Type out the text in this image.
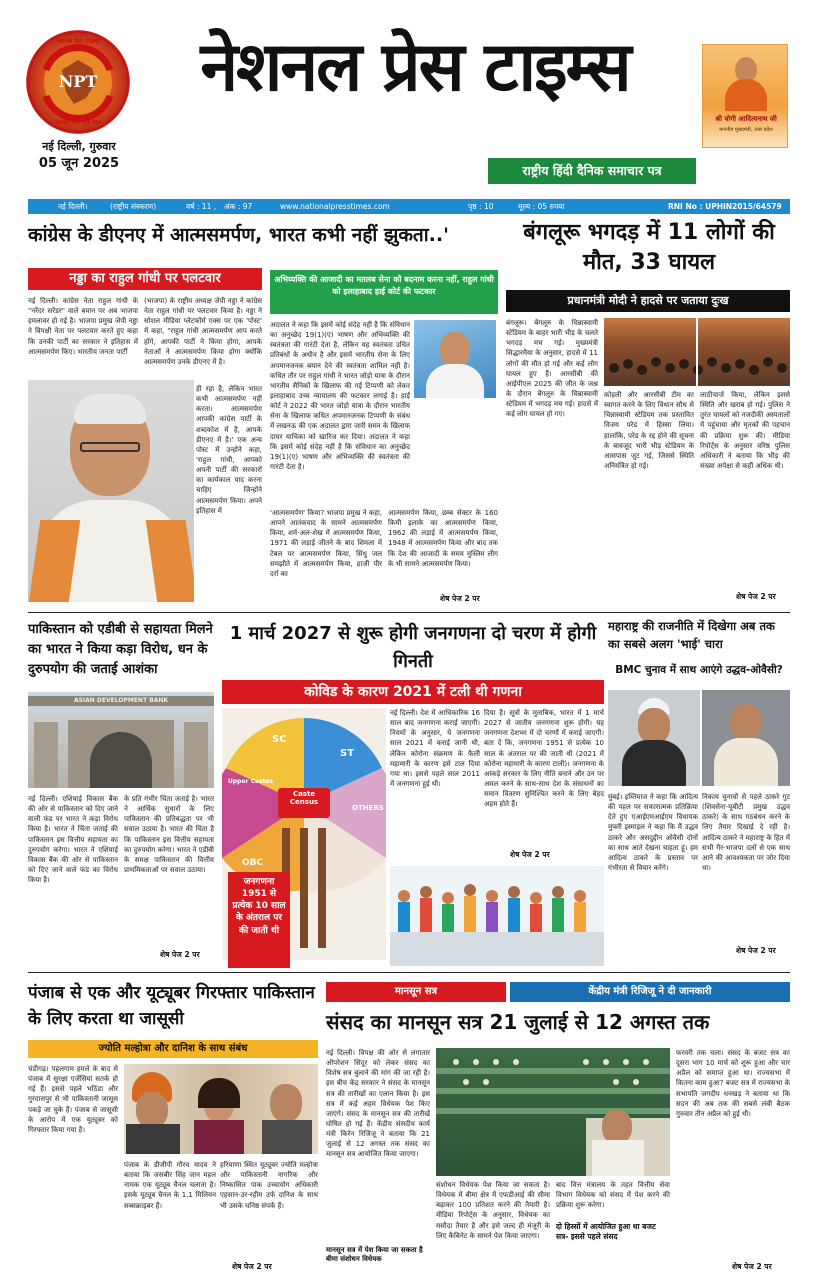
NPT
नेशनल प्रेस टाइम्स
नेशनल हिंदी न्यूज़ पेपर
नई दिल्ली, गुरुवार
05 जून 2025
नेशनल प्रेस टाइम्स
राष्ट्रीय हिंदी दैनिक समाचार पत्र
श्री योगी आदित्यनाथ जी
माननीय मुख्यमंत्री, उत्तर प्रदेश
नई दिल्ली।	(राष्ट्रीय संस्करण)	वर्ष : 11 , अंक : 97	www.nationalpresstimes.com	पृष्ठ : 10	मूल्य : 05 रुपया	RNI No : UPHIN2015/64579
कांग्रेस के डीएनए में आत्मसमर्पण, भारत कभी नहीं झुकता..'
नड्डा का राहुल गांधी पर पलटवार
नई दिल्ली। कांग्रेस नेता राहुल गांधी के "नरेंदर सरेंडर" वाले बयान पर अब भाजपा हमलावर हो गई है। भाजपा प्रमुख जेपी नड्डा ने विपक्षी नेता पर पलटवार करते हुए कहा कि उनकी पार्टी का सरकार ने इतिहास में आत्मसमर्पण किए। भारतीय जनता पार्टी
(भाजपा) के राष्ट्रीय अध्यक्ष जेपी नड्डा ने कांग्रेस नेता राहुल गांधी पर पलटवार किया है। नड्डा ने सोशल मीडिया प्लेटफॉर्म एक्स पर एक 'पोस्ट' में कहा, "राहुल गांधी आत्मसमर्पण आप करते होंगे, आपकी पार्टी ने किया होगा, आपके नेताओं ने आत्मसमर्पण किया होगा क्योंकि आत्मसमर्पण उनके डीएनए में है।
ही रहा है, लेकिन भारत कभी आत्मसमर्पण नहीं करता। आत्मसमर्पण आपकी कांग्रेस पार्टी के शब्दकोश में है, आपके डीएनए में है।' एक अन्य पोस्ट में उन्होंने कहा, 'राहुल गांधी, आपको अपनी पार्टी की सरकारों का कार्यकाल याद करना चाहिए जिन्होंने आत्मसमर्पण किया। अपने इतिहास में
अभिव्यक्ति की आजादी का मतलब सेना को बदनाम करना नहीं, राहुल गांधी को इलाहाबाद हाई कोर्ट की फटकार
अदालत ने कहा कि इसमें कोई संदेह नहीं है कि संविधान का अनुच्छेद 19(1)(ए) भाषण और अभिव्यक्ति की स्वतंत्रता की गारंटी देता है, लेकिन यह स्वतंत्रता उचित प्रतिबंधों के अधीन है और इसमें भारतीय सेना के लिए अपमानजनक बयान देने की स्वतंत्रता शामिल नहीं है। कथित तौर पर राहुल गांधी ने भारत जोड़ो यात्रा के दौरान भारतीय सैनिकों के खिलाफ की गई टिप्पणी को लेकर इलाहाबाद उच्च न्यायालय की फटकार लगाई है। हाई कोर्ट ने 2022 की भारत जोड़ो यात्रा के दौरान भारतीय सेना के खिलाफ कथित अपमानजनक टिप्पणी के संबंध में लखनऊ की एक अदालत द्वारा जारी समन के खिलाफ दायर याचिका को खारिज कर दिया। अदालत ने कहा कि इसमें कोई संदेह नहीं है कि संविधान का अनुच्छेद 19(1)(ए) भाषण और अभिव्यक्ति की स्वतंत्रता की गारंटी देता है।
'आत्मसमर्पण' किया? भाजपा प्रमुख ने कहा, आपने आतंकवाद के सामने आत्मसमर्पण किया, शर्म-अल-शेख में आत्मसमर्पण किया, 1971 की लड़ाई जीतने के बाद शिमला में टेबल पर आत्मसमर्पण किया, सिंधु जल समझौते में आत्मसमर्पण किया, हाजी पीर दर्रा का
आत्मसमर्पण किया, छम्ब सेक्टर के 160 किमी इलाके का आत्मसमर्पण किया, 1962 की लड़ाई में आत्मसमर्पण किया, 1948 में आत्मसमर्पण किया और बाद तक कि देश की आजादी के समय मुस्लिम लीग के भी सामने आत्मसमर्पण किया।
शेष पेज 2 पर
बंगलूरू भगदड़ में 11 लोगों की मौत, 33 घायल
प्रधानमंत्री मोदी ने हादसे पर जताया दुःख
बंगलूरू। बेंगलूरु के चिन्नास्वामी स्टेडियम के बाहर भारी भीड़ के चलते भगदड़ मच गई। मुख्यमंत्री सिद्धारमैया के अनुसार, हादसे में 11 लोगों की मौत हो गई और कई लोग घायल हुए हैं। आरसीबी की आईपीएल 2025 की जीत के जश्न के दौरान बेंगलूरु के चिन्नास्वामी स्टेडियम में भगदड़ मच गई। हादसे में कई लोग घायल हो गए।
कोहली और आरसीबी टीम का स्वागत करने के लिए विधान सौध से चिन्नास्वामी स्टेडियम तक प्रस्तावित विजय परेड में हिस्सा लिया। हालांकि, परेड के रद्द होने की सूचना के बावजूद भारी भीड़ स्टेडियम के आसपास जुट गई, जिससे स्थिति अनियंत्रित हो गई।
लाठीचार्ज किया, लेकिन इससे स्थिति और खराब हो गई। पुलिस ने तुरंत घायलों को नजदीकी अस्पतालों में पहुंचाया और मृतकों की पहचान की प्रक्रिया शुरू की। मीडिया रिपोर्ट्स के अनुसार वरिष्ठ पुलिस अधिकारी ने बताया कि भीड़ की संख्या अपेक्षा से कहीं अधिक थी।
शेष पेज 2 पर
पाकिस्तान को एडीबी से सहायता मिलने का भारत ने किया कड़ा विरोध, धन के दुरुपयोग की जताई आशंका
ASIAN DEVELOPMENT BANK
नई दिल्ली। एशियाई विकास बैंक की ओर से पाकिस्तान को दिए जाने वाली फंड पर भारत ने कड़ा विरोध किया है। भारत ने चिंता जताई की पाकिस्तान इस वित्तीय सहायता का दुरुपयोग करेगा। भारत ने एशियाई विकास बैंक की ओर से पाकिस्तान को दिए जाने वाले फंड का विरोध किया है।
के प्रति गंभीर चिंता जताई है। भारत ने आर्थिक सुधारों के लिए पाकिस्तान की प्रतिबद्धता पर भी सवाल उठाया है। भारत की चिंता है कि पाकिस्तान इस वित्तीय सहायता का दुरुपयोग करेगा। भारत ने एडीबी के समक्ष पाकिस्तान की वित्तीय प्राथमिकताओं पर सवाल उठाया।
शेष पेज 2 पर
1 मार्च 2027 से शुरू होगी जनगणना दो चरण में होगी गिनती
कोविड के कारण 2021 में टली थी गणना
SC
ST
OBC
OTHERS
Upper Castes
Caste Census
जनगणना 1951 से प्रत्येक 10 साल के अंतराल पर की जाती थी
नई दिल्ली। देश में आधिकारिक 16 साल बाद जनगणना कराई जाएगी। नियमों के अनुसार, ये जनगणना साल 2021 में कराई जानी थी, लेकिन कोरोना संक्रमण के फैली महामारी के कारण इसे टाल दिया गया था। इससे पहले साल 2011 में जनगणना हुई थी।
दिया है। सूत्रों के मुताबिक, भारत में 1 मार्च 2027 से जातीय जनगणना शुरू होगी। यह जनगणना देशभर में दो चरणों में कराई जाएगी। बता दें कि, जनगणना 1951 से प्रत्येक 10 साल के अंतराल पर की जाती थी (2021 में कोरोना महामारी के कारण टाली)। जनगणना के आंकड़े सरकार के लिए नीति बनाने और उन पर अमल करने के साथ-साथ देश के संसाधनों का समान वितरण सुनिश्चित करने के लिए बेहद अहम होते हैं।
शेष पेज 2 पर
महाराष्ट्र की राजनीति में दिखेगा अब तक का सबसे अलग 'भाई' चारा
BMC चुनाव में साथ आएंगे उद्धव-ओवैसी?
मुंबई। इम्तियाज ने कहा कि आदित्य की पहल पर सकारात्मक प्रतिक्रिया देते हुए एआईएमआईएम विधायक मुफ्ती इस्माइल ने कहा कि मैं उद्धव ठाकरे और असदुद्दीन ओवैसी दोनों का साथ आते देखना चाहता हूं। हम आदित्य ठाकरे के प्रस्ताव पर गंभीरता से विचार करेंगे।
निकाय चुनावों से पहले ठाकरे गुट (शिवसेना-यूबीटी प्रमुख उद्धव ठाकरे) के साथ गठबंधन करने के लिए तैयार दिखाई दे रही है। आदित्य ठाकरे ने महाराष्ट्र के हित में सभी गैर-भाजपा दलों से एक साथ आने की आवश्यकता पर जोर दिया था।
शेष पेज 2 पर
पंजाब से एक और यूट्यूबर गिरफ्तार पाकिस्तान के लिए करता था जासूसी
ज्योति मल्होत्रा और दानिश के साथ संबंध
चंडीगढ़। पहलगाम हमले के बाद से पंजाब में सुरक्षा एजेंसियां सतर्क हो गई हैं। इससे पहले भठिंडा और गुरदासपुर से भी पाकिस्तानी जासूस पकड़े जा चुके हैं। पंजाब से जासूसी के आरोप में एक यूट्यूबर को गिरफ्तार किया गया है।
पंजाब के डीजीपी गौरव यादव ने बताया कि जसबीर सिंह जान महल नामक एक यूट्यूब चैनल चलाता है। इसके यूट्यूब चैनल के 1.1 मिलियन सब्सक्राइबर हैं।
हरियाणा स्थित यूट्यूबर ज्योति मल्होत्रा और पाकिस्तानी नागरिक और निष्कासित पाक उच्चायोग अधिकारी एहसान-उर-रहीम उर्फ दानिश के साथ भी उसके घनिष्ठ संपर्क हैं।
शेष पेज 2 पर
मानसून सत्र	केंद्रीय मंत्री रिजिजू ने दी जानकारी
संसद का मानसून सत्र 21 जुलाई से 12 अगस्त तक
नई दिल्ली। विपक्ष की ओर से लगातार ऑपरेशन सिंदूर को लेकर संसद का विशेष सत्र बुलाने की मांग की जा रही है। इस बीच केंद्र सरकार ने संसद के मानसून सत्र की तारीखों का एलान किया है। इस सत्र में कई अहम विधेयक पेश किए जाएंगे। संसद के मानसून सत्र की तारीखें घोषित हो गई हैं। केंद्रीय संसदीय कार्य मंत्री किरेन रिजिजू ने बताया कि 21 जुलाई से 12 अगस्त तक संसद का मानसून सत्र आयोजित किया जाएगा।
मानसून सत्र में पेश किया जा सकता है बीमा संशोधन विधेयक
संशोधन विधेयक पेश किया जा सकता है। विधेयक में बीमा क्षेत्र में एफडीआई की सीमा बढ़ाकर 100 प्रतिशत करने की तैयारी है। मीडिया रिपोर्ट्स के अनुसार, विधेयक का मसौदा तैयार है और इसे जल्द ही मंजूरी के लिए कैबिनेट के सामने पेश किया जाएगा।
बाद वित्त मंत्रालय के तहत वित्तीय सेवा विभाग विधेयक को संसद में पेश करने की प्रक्रिया शुरू करेगा।
दो हिस्सों में आयोजित हुआ था बजट सत्र- इससे पहले संसद
फरवरी तक चला। संसद के बजट सत्र का दूसरा भाग 10 मार्च को शुरू हुआ और चार अप्रैल को समाप्त हुआ था। राज्यसभा में कितना काम हुआ? बजट सत्र में राज्यसभा के सभापति जगदीप धनखड़ ने बताया था कि सदन की अब तक की सबसे लंबी बैठक गुरुवार तीन अप्रैल को हुई थी।
शेष पेज 2 पर
